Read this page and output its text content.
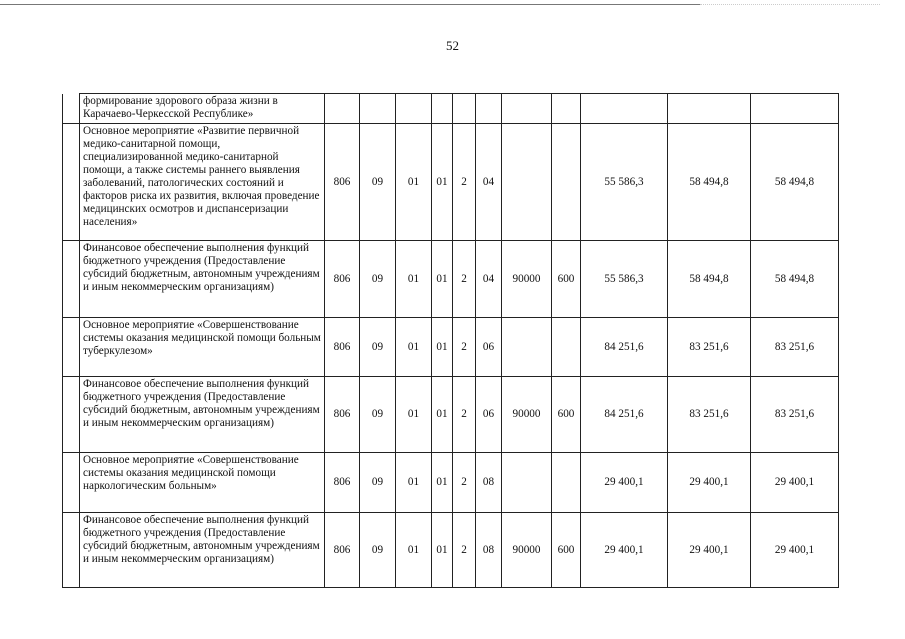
52
	формирование здорового образа жизни в Карачаево-Черкесской Республике»											
	Основное мероприятие «Развитие первичной медико-санитарной помощи, специализированной медико-санитарной помощи, а также системы раннего выявления заболеваний, патологических состояний и факторов риска их развития, включая проведение медицинских осмотров и диспансеризации населения»	806	09	01	01	2	04			55 586,3	58 494,8	58 494,8
	Финансовое обеспечение выполнения функций бюджетного учреждения (Предоставление субсидий бюджетным, автономным учреждениям и иным некоммерческим организациям)	806	09	01	01	2	04	90000	600	55 586,3	58 494,8	58 494,8
	Основное мероприятие «Совершенствование системы оказания медицинской помощи больным туберкулезом»	806	09	01	01	2	06			84 251,6	83 251,6	83 251,6
	Финансовое обеспечение выполнения функций бюджетного учреждения (Предоставление субсидий бюджетным, автономным учреждениям и иным некоммерческим организациям)	806	09	01	01	2	06	90000	600	84 251,6	83 251,6	83 251,6
	Основное мероприятие «Совершенствование системы оказания медицинской помощи наркологическим больным»	806	09	01	01	2	08			29 400,1	29 400,1	29 400,1
	Финансовое обеспечение выполнения функций бюджетного учреждения (Предоставление субсидий бюджетным, автономным учреждениям и иным некоммерческим организациям)	806	09	01	01	2	08	90000	600	29 400,1	29 400,1	29 400,1
